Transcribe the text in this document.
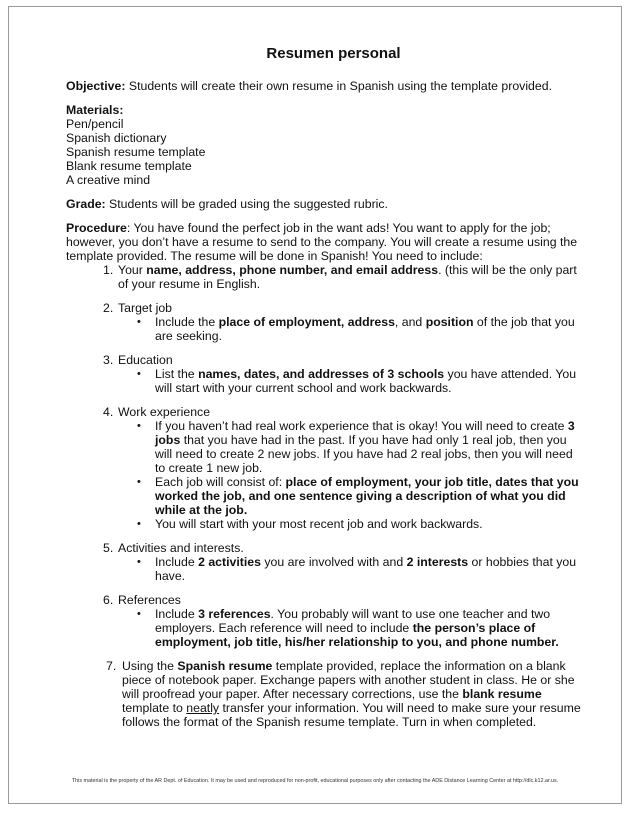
Resumen personal

Objective: Students will create their own resume in Spanish using the template provided.

Materials:
Pen/pencil
Spanish dictionary
Spanish resume template
Blank resume template
A creative mind

Grade: Students will be graded using the suggested rubric.

Procedure: You have found the perfect job in the want ads! You want to apply for the job; however, you don’t have a resume to send to the company. You will create a resume using the template provided. The resume will be done in Spanish! You need to include:

1. Your name, address, phone number, and email address. (this will be the only part of your resume in English.
2. Target job
• Include the place of employment, address, and position of the job that you are seeking.
3. Education
• List the names, dates, and addresses of 3 schools you have attended. You will start with your current school and work backwards.
4. Work experience
• If you haven’t had real work experience that is okay! You will need to create 3 jobs that you have had in the past. If you have had only 1 real job, then you will need to create 2 new jobs. If you have had 2 real jobs, then you will need to create 1 new job.
• Each job will consist of: place of employment, your job title, dates that you worked the job, and one sentence giving a description of what you did while at the job.
• You will start with your most recent job and work backwards.
5. Activities and interests.
• Include 2 activities you are involved with and 2 interests or hobbies that you have.
6. References
• Include 3 references. You probably will want to use one teacher and two employers. Each reference will need to include the person’s place of employment, job title, his/her relationship to you, and phone number.
7. Using the Spanish resume template provided, replace the information on a blank piece of notebook paper. Exchange papers with another student in class. He or she will proofread your paper. After necessary corrections, use the blank resume template to neatly transfer your information. You will need to make sure your resume follows the format of the Spanish resume template. Turn in when completed.
This material is the property of the AR Dept. of Education. It may be used and reproduced for non-profit, educational purposes only after contacting the ADE Distance Learning Center at http://dlc.k12.ar.us.
